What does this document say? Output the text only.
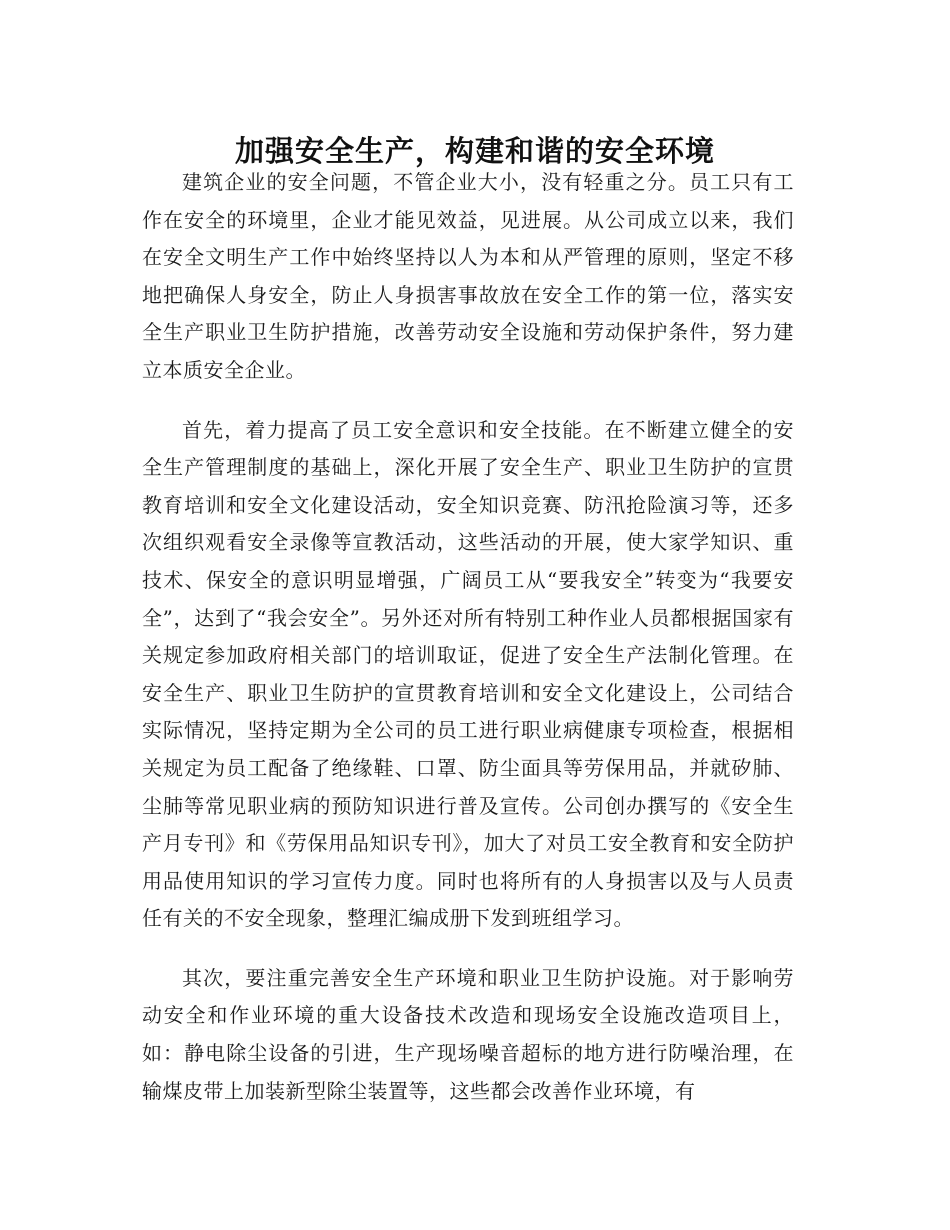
加强安全生产，构建和谐的安全环境

建筑企业的安全问题，不管企业大小，没有轻重之分。员工只有工作在安全的环境里，企业才能见效益，见进展。从公司成立以来，我们在安全文明生产工作中始终坚持以人为本和从严管理的原则，坚定不移地把确保人身安全，防止人身损害事故放在安全工作的第一位，落实安全生产职业卫生防护措施，改善劳动安全设施和劳动保护条件，努力建立本质安全企业。

首先，着力提高了员工安全意识和安全技能。在不断建立健全的安全生产管理制度的基础上，深化开展了安全生产、职业卫生防护的宣贯教育培训和安全文化建设活动，安全知识竞赛、防汛抢险演习等，还多次组织观看安全录像等宣教活动，这些活动的开展，使大家学知识、重技术、保安全的意识明显增强，广阔员工从“要我安全”转变为“我要安全”，达到了“我会安全”。另外还对所有特别工种作业人员都根据国家有关规定参加政府相关部门的培训取证，促进了安全生产法制化管理。在安全生产、职业卫生防护的宣贯教育培训和安全文化建设上，公司结合实际情况，坚持定期为全公司的员工进行职业病健康专项检查，根据相关规定为员工配备了绝缘鞋、口罩、防尘面具等劳保用品，并就矽肺、尘肺等常见职业病的预防知识进行普及宣传。公司创办撰写的《安全生产月专刊》和《劳保用品知识专刊》，加大了对员工安全教育和安全防护用品使用知识的学习宣传力度。同时也将所有的人身损害以及与人员责任有关的不安全现象，整理汇编成册下发到班组学习。

其次，要注重完善安全生产环境和职业卫生防护设施。对于影响劳动安全和作业环境的重大设备技术改造和现场安全设施改造项目上，如：静电除尘设备的引进，生产现场噪音超标的地方进行防噪治理，在输煤皮带上加装新型除尘装置等，这些都会改善作业环境，有
